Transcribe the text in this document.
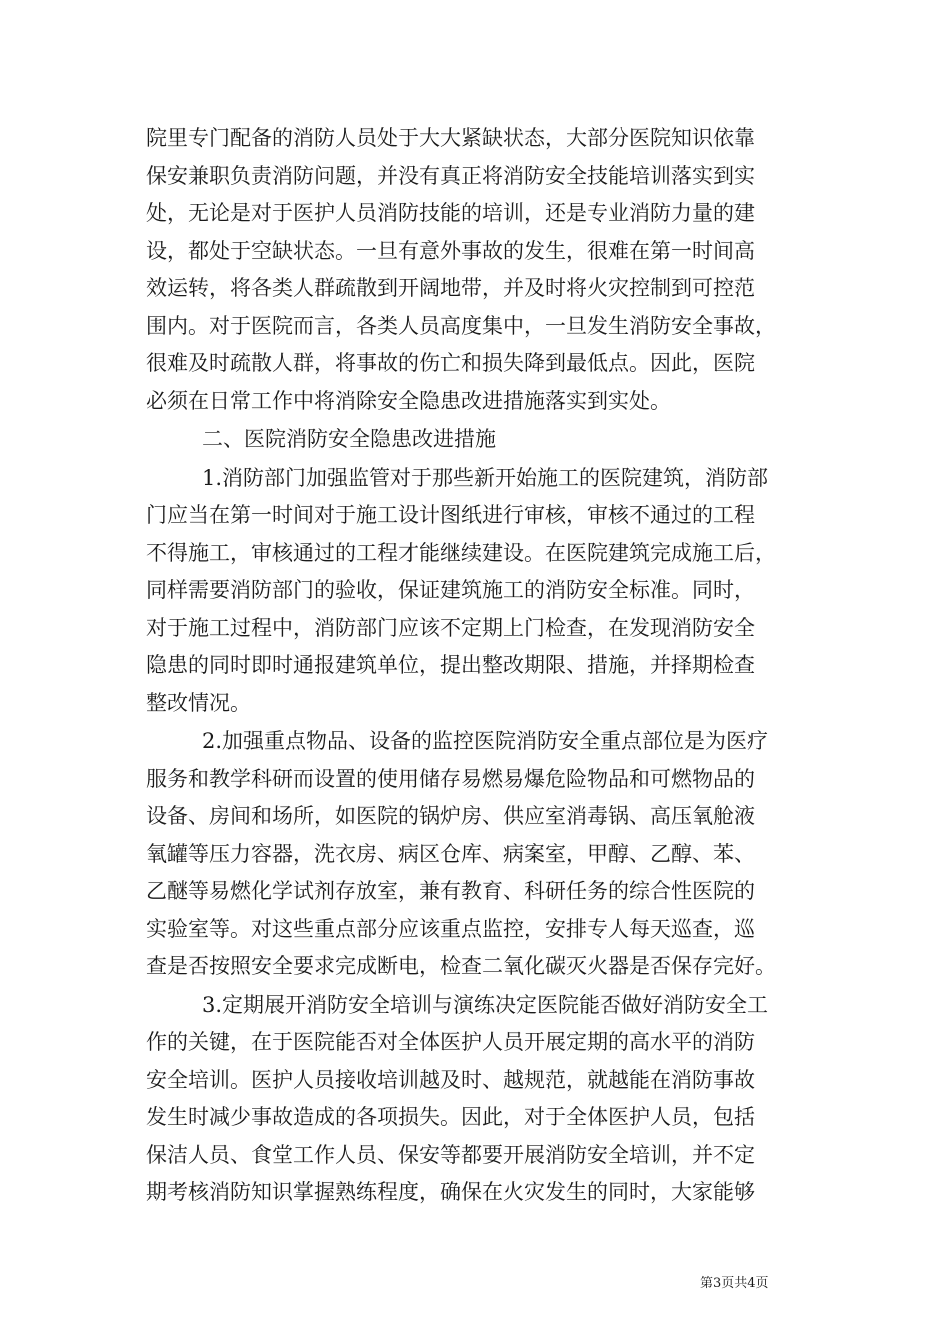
院里专门配备的消防人员处于大大紧缺状态，大部分医院知识依靠
保安兼职负责消防问题，并没有真正将消防安全技能培训落实到实
处，无论是对于医护人员消防技能的培训，还是专业消防力量的建
设，都处于空缺状态。一旦有意外事故的发生，很难在第一时间高
效运转，将各类人群疏散到开阔地带，并及时将火灾控制到可控范
围内。对于医院而言，各类人员高度集中，一旦发生消防安全事故，
很难及时疏散人群，将事故的伤亡和损失降到最低点。因此，医院
必须在日常工作中将消除安全隐患改进措施落实到实处。
二、医院消防安全隐患改进措施
1.消防部门加强监管对于那些新开始施工的医院建筑，消防部
门应当在第一时间对于施工设计图纸进行审核，审核不通过的工程
不得施工，审核通过的工程才能继续建设。在医院建筑完成施工后，
同样需要消防部门的验收，保证建筑施工的消防安全标准。同时，
对于施工过程中，消防部门应该不定期上门检查，在发现消防安全
隐患的同时即时通报建筑单位，提出整改期限、措施，并择期检查
整改情况。
2.加强重点物品、设备的监控医院消防安全重点部位是为医疗
服务和教学科研而设置的使用储存易燃易爆危险物品和可燃物品的
设备、房间和场所，如医院的锅炉房、供应室消毒锅、高压氧舱液
氧罐等压力容器，洗衣房、病区仓库、病案室，甲醇、乙醇、苯、
乙醚等易燃化学试剂存放室，兼有教育、科研任务的综合性医院的
实验室等。对这些重点部分应该重点监控，安排专人每天巡查，巡
查是否按照安全要求完成断电，检查二氧化碳灭火器是否保存完好。
3.定期展开消防安全培训与演练决定医院能否做好消防安全工
作的关键，在于医院能否对全体医护人员开展定期的高水平的消防
安全培训。医护人员接收培训越及时、越规范，就越能在消防事故
发生时减少事故造成的各项损失。因此，对于全体医护人员，包括
保洁人员、食堂工作人员、保安等都要开展消防安全培训，并不定
期考核消防知识掌握熟练程度，确保在火灾发生的同时，大家能够
第3页共4页
